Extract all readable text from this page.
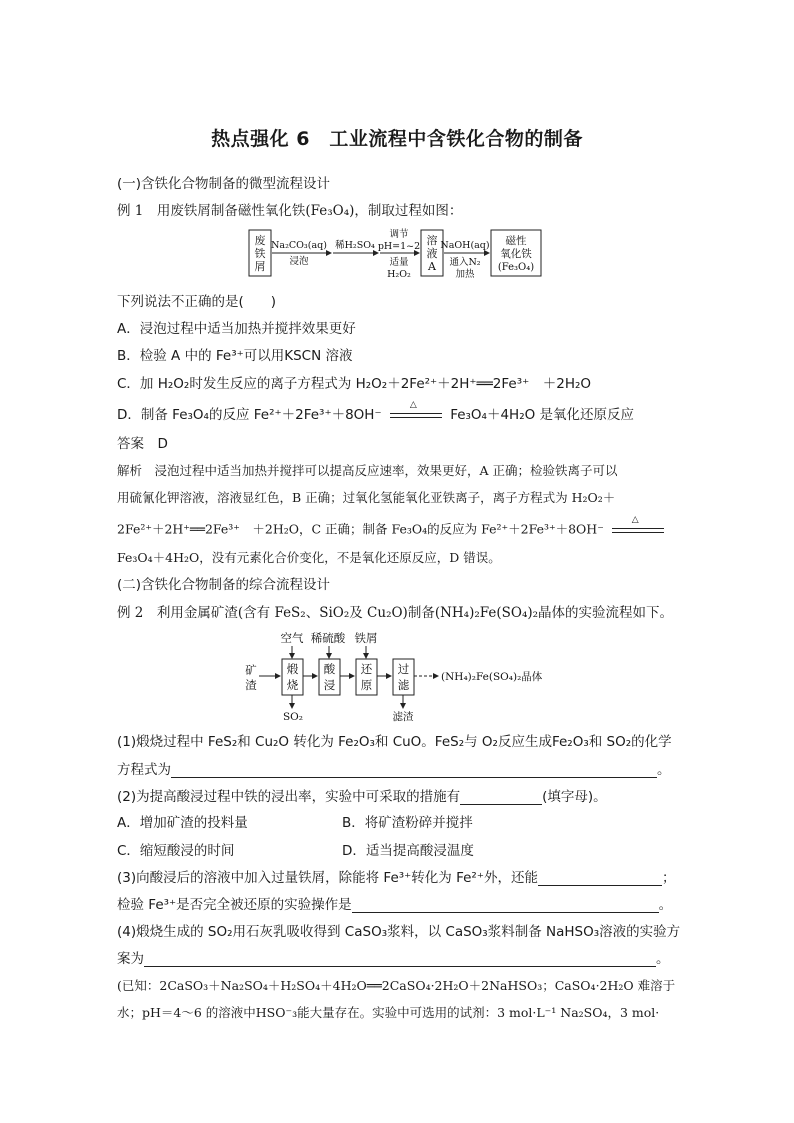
热点强化 6　工业流程中含铁化合物的制备
(一)含铁化合物制备的微型流程设计
例 1　用废铁屑制备磁性氧化铁(Fe₃O₄)，制取过程如图：
废
铁
屑
Na₂CO₃(aq)
浸泡
稀H₂SO₄
调节
pH=1~2
适量
H₂O₂
溶
液
A
NaOH(aq)
通入N₂
加热
磁性
氧化铁
(Fe₃O₄)
下列说法不正确的是(　　)
A．浸泡过程中适当加热并搅拌效果更好
B．检验 A 中的 Fe³⁺可以用KSCN 溶液
C．加 H₂O₂时发生反应的离子方程式为 H₂O₂＋2Fe²⁺＋2H⁺══2Fe³⁺　＋2H₂O
D．制备 Fe₃O₄的反应 Fe²⁺＋2Fe³⁺＋8OH⁻
△
Fe₃O₄＋4H₂O 是氧化还原反应
答案　D
解析　浸泡过程中适当加热并搅拌可以提高反应速率，效果更好，A 正确；检验铁离子可以
用硫氰化钾溶液，溶液显红色，B 正确；过氧化氢能氧化亚铁离子，离子方程式为 H₂O₂＋
2Fe²⁺＋2H⁺══2Fe³⁺　＋2H₂O，C 正确；制备 Fe₃O₄的反应为 Fe²⁺＋2Fe³⁺＋8OH⁻
△
Fe₃O₄＋4H₂O，没有元素化合价变化，不是氧化还原反应，D 错误。
(二)含铁化合物制备的综合流程设计
例 2　利用金属矿渣(含有 FeS₂、SiO₂及 Cu₂O)制备(NH₄)₂Fe(SO₄)₂晶体的实验流程如下。
矿
渣
空气
煅
烧
SO₂
稀硫酸
酸
浸
铁屑
还
原
过
滤
滤渣
(NH₄)₂Fe(SO₄)₂晶体
(1)煅烧过程中 FeS₂和 Cu₂O 转化为 Fe₂O₃和 CuO。FeS₂与 O₂反应生成Fe₂O₃和 SO₂的化学
方程式为	。
(2)为提高酸浸过程中铁的浸出率，实验中可采取的措施有	(填字母)。
A．增加矿渣的投料量	B．将矿渣粉碎并搅拌
C．缩短酸浸的时间	D．适当提高酸浸温度
(3)向酸浸后的溶液中加入过量铁屑，除能将 Fe³⁺转化为 Fe²⁺外，还能	；
检验 Fe³⁺是否完全被还原的实验操作是	。
(4)煅烧生成的 SO₂用石灰乳吸收得到 CaSO₃浆料，以 CaSO₃浆料制备 NaHSO₃溶液的实验方
案为	。
(已知：2CaSO₃＋Na₂SO₄＋H₂SO₄＋4H₂O══2CaSO₄·2H₂O＋2NaHSO₃；CaSO₄·2H₂O 难溶于
水；pH＝4～6 的溶液中HSO⁻₃能大量存在。实验中可选用的试剂：3 mol·L⁻¹ Na₂SO₄，3 mol·
